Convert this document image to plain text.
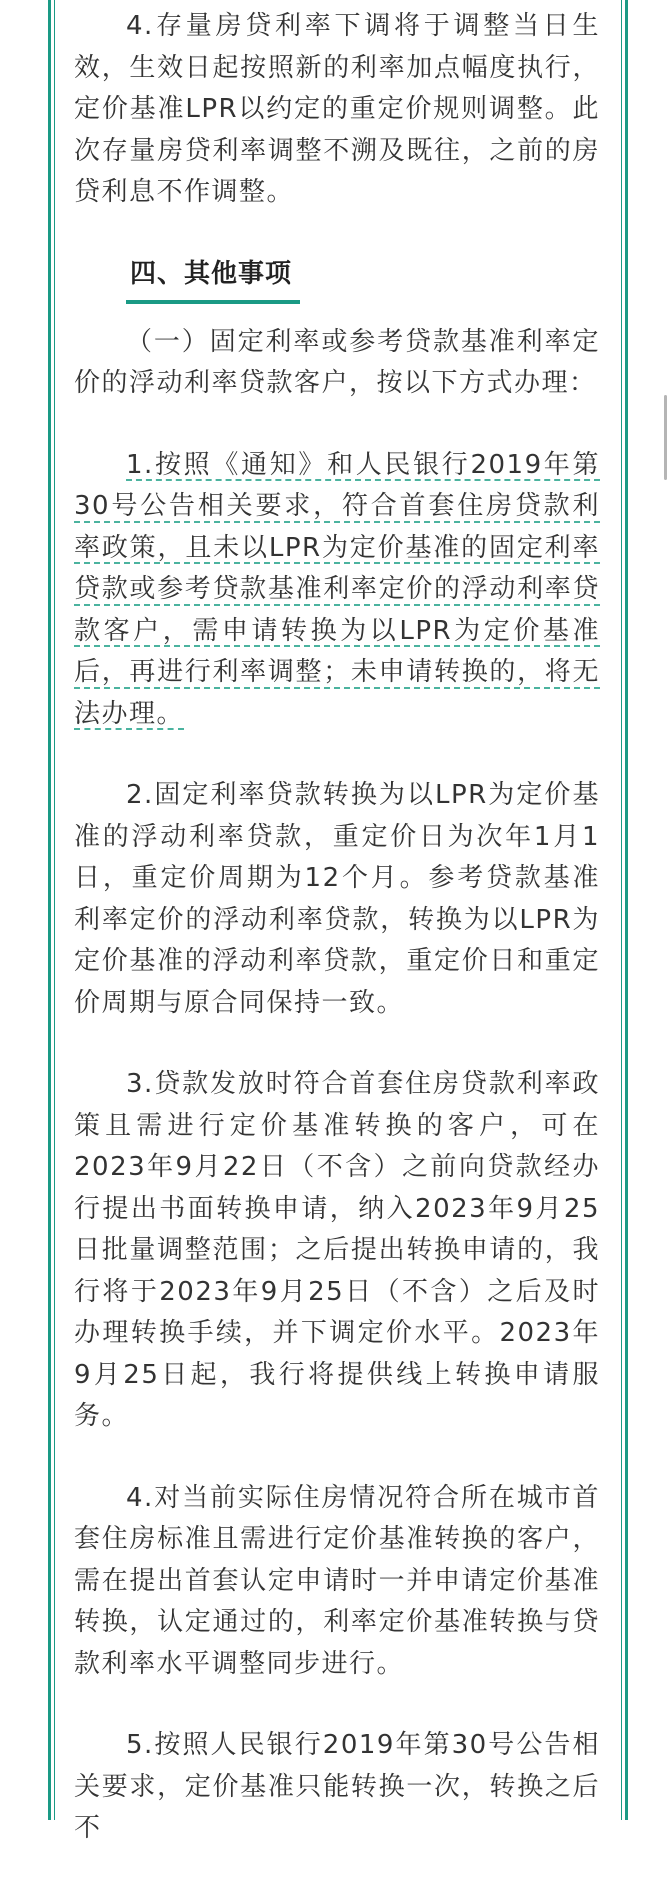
4.存量房贷利率下调将于调整当日生效，生效日起按照新的利率加点幅度执行，定价基准LPR以约定的重定价规则调整。此次存量房贷利率调整不溯及既往，之前的房贷利息不作调整。

四、其他事项

（一）固定利率或参考贷款基准利率定价的浮动利率贷款客户，按以下方式办理：

1.按照《通知》和人民银行2019年第30号公告相关要求，符合首套住房贷款利率政策，且未以LPR为定价基准的固定利率贷款或参考贷款基准利率定价的浮动利率贷款客户，需申请转换为以LPR为定价基准后，再进行利率调整；未申请转换的，将无法办理。

2.固定利率贷款转换为以LPR为定价基准的浮动利率贷款，重定价日为次年1月1日，重定价周期为12个月。参考贷款基准利率定价的浮动利率贷款，转换为以LPR为定价基准的浮动利率贷款，重定价日和重定价周期与原合同保持一致。

3.贷款发放时符合首套住房贷款利率政策且需进行定价基准转换的客户，可在2023年9月22日（不含）之前向贷款经办行提出书面转换申请，纳入2023年9月25日批量调整范围；之后提出转换申请的，我行将于2023年9月25日（不含）之后及时办理转换手续，并下调定价水平。2023年9月25日起，我行将提供线上转换申请服务。

4.对当前实际住房情况符合所在城市首套住房标准且需进行定价基准转换的客户，需在提出首套认定申请时一并申请定价基准转换，认定通过的，利率定价基准转换与贷款利率水平调整同步进行。

5.按照人民银行2019年第30号公告相关要求，定价基准只能转换一次，转换之后不
